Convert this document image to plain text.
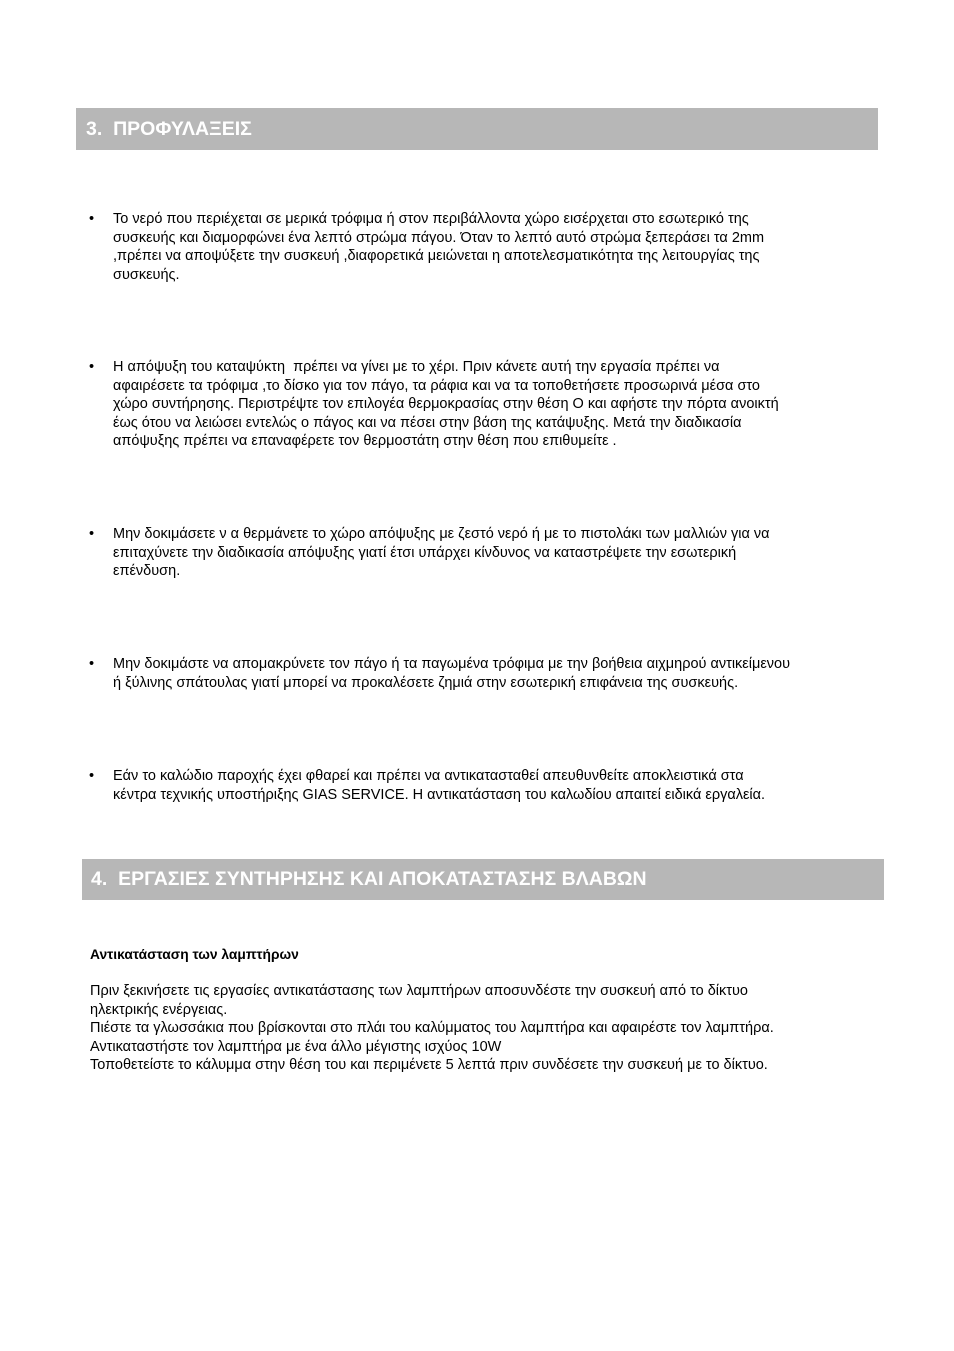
3.  ΠΡΟΦΥΛΑΞΕΙΣ
• Το νερό που περιέχεται σε μερικά τρόφιμα ή στον περιβάλλοντα χώρο εισέρχεται στο εσωτερικό της
συσκευής και διαμορφώνει ένα λεπτό στρώμα πάγου. Όταν το λεπτό αυτό στρώμα ξεπεράσει τα 2mm
,πρέπει να αποψύξετε την συσκευή ,διαφορετικά μειώνεται η αποτελεσματικότητα της λειτουργίας της
συσκευής.
• Η απόψυξη του καταψύκτη  πρέπει να γίνει με το χέρι. Πριν κάνετε αυτή την εργασία πρέπει να
αφαιρέσετε τα τρόφιμα ,το δίσκο για τον πάγο, τα ράφια και να τα τοποθετήσετε προσωρινά μέσα στο
χώρο συντήρησης. Περιστρέψτε τον επιλογέα θερμοκρασίας στην θέση Ο και αφήστε την πόρτα ανοικτή
έως ότου να λειώσει εντελώς ο πάγος και να πέσει στην βάση της κατάψυξης. Μετά την διαδικασία
απόψυξης πρέπει να επαναφέρετε τον θερμοστάτη στην θέση που επιθυμείτε .
• Μην δοκιμάσετε ν α θερμάνετε το χώρο απόψυξης με ζεστό νερό ή με το πιστολάκι των μαλλιών για να
επιταχύνετε την διαδικασία απόψυξης γιατί έτσι υπάρχει κίνδυνος να καταστρέψετε την εσωτερική
επένδυση.
• Μην δοκιμάστε να απομακρύνετε τον πάγο ή τα παγωμένα τρόφιμα με την βοήθεια αιχμηρού αντικείμενου
ή ξύλινης σπάτουλας γιατί μπορεί να προκαλέσετε ζημιά στην εσωτερική επιφάνεια της συσκευής.
• Εάν το καλώδιο παροχής έχει φθαρεί και πρέπει να αντικατασταθεί απευθυνθείτε αποκλειστικά στα
κέντρα τεχνικής υποστήριξης GIAS SERVICE. Η αντικατάσταση του καλωδίου απαιτεί ειδικά εργαλεία.
4.  ΕΡΓΑΣΙΕΣ ΣΥΝΤΗΡΗΣΗΣ ΚΑΙ ΑΠΟΚΑΤΑΣΤΑΣΗΣ ΒΛΑΒΩΝ
Αντικατάσταση των λαμπτήρων
Πριν ξεκινήσετε τις εργασίες αντικατάστασης των λαμπτήρων αποσυνδέστε την συσκευή από το δίκτυο
ηλεκτρικής ενέργειας.
Πιέστε τα γλωσσάκια που βρίσκονται στο πλάι του καλύμματος του λαμπτήρα και αφαιρέστε τον λαμπτήρα.
Αντικαταστήστε τον λαμπτήρα με ένα άλλο μέγιστης ισχύος 10W
Τοποθετείστε το κάλυμμα στην θέση του και περιμένετε 5 λεπτά πριν συνδέσετε την συσκευή με το δίκτυο.
